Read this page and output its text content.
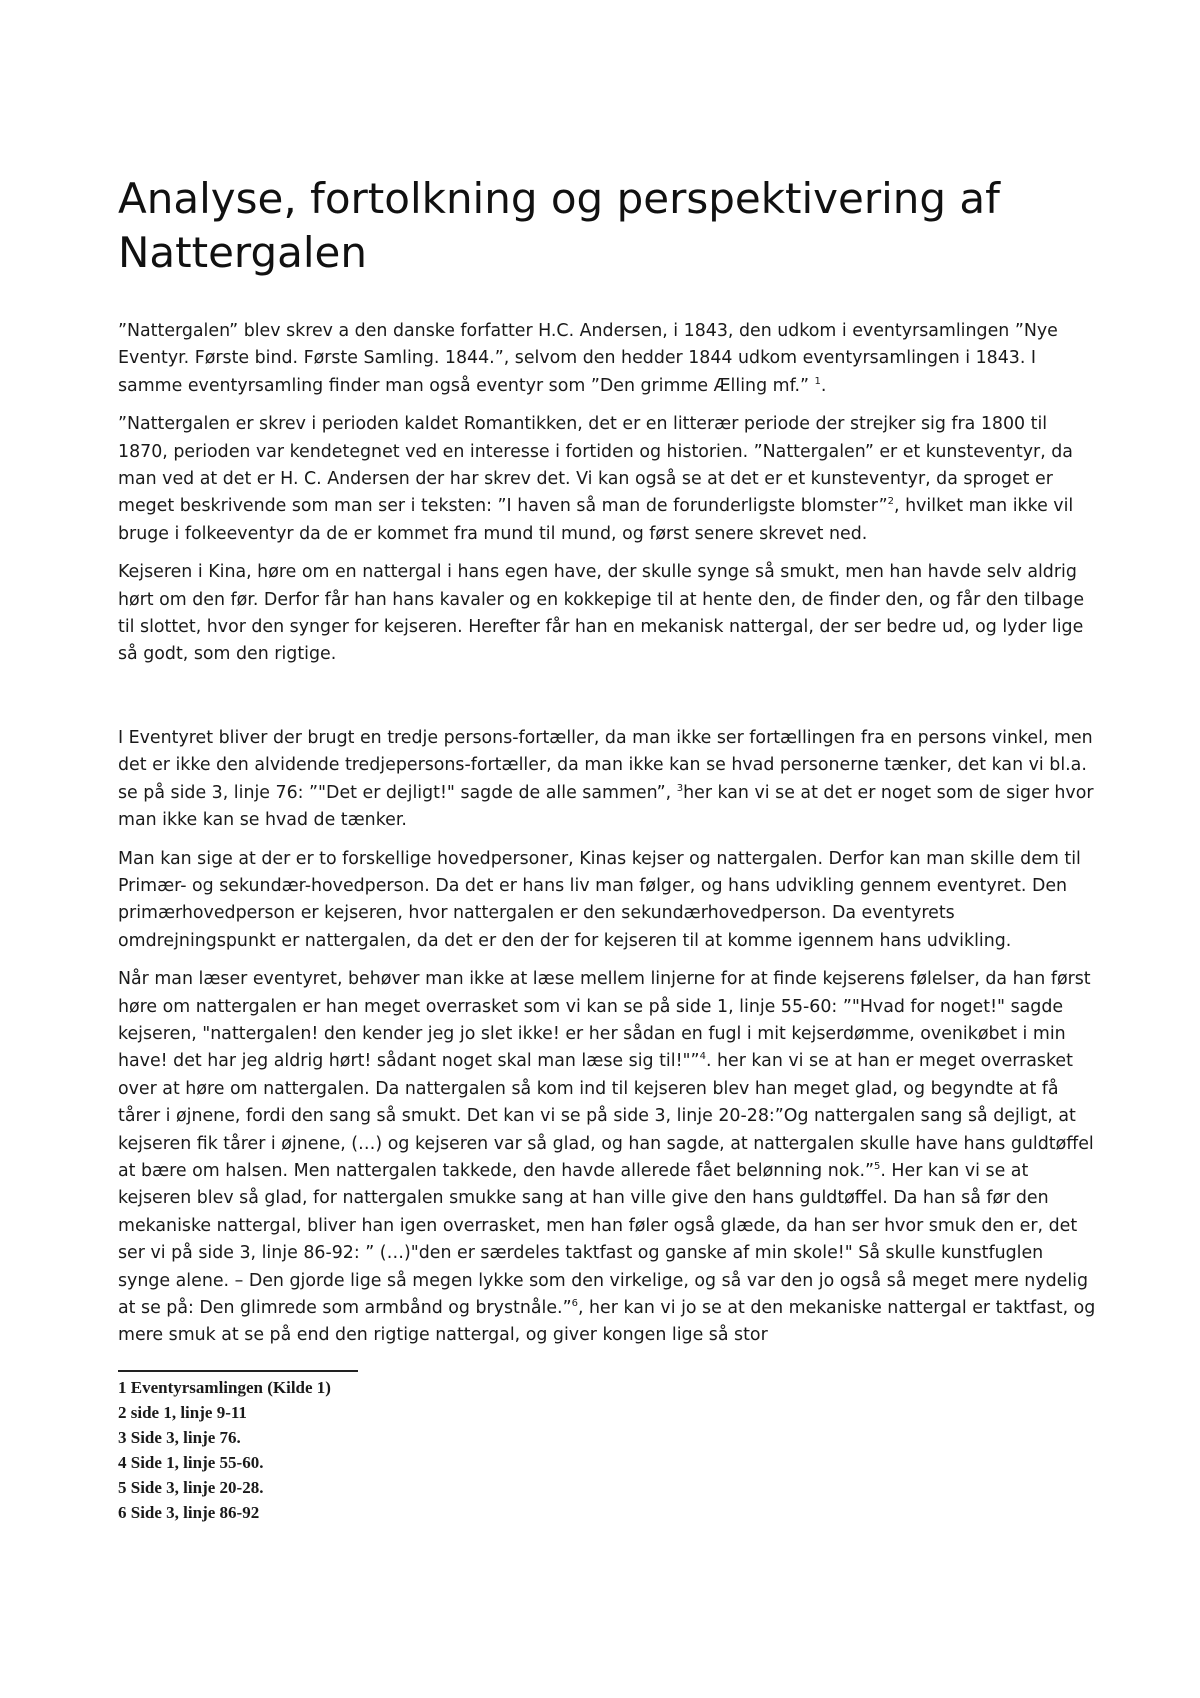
Analyse, fortolkning og perspektivering af Nattergalen

”Nattergalen” blev skrev a den danske forfatter H.C. Andersen, i 1843, den udkom i eventyrsamlingen ”Nye Eventyr. Første bind. Første Samling. 1844.”, selvom den hedder 1844 udkom eventyrsamlingen i 1843. I samme eventyrsamling finder man også eventyr som ”Den grimme Ælling mf.” $^1$.

”Nattergalen er skrev i perioden kaldet Romantikken, det er en litterær periode der strejker sig fra 1800 til 1870, perioden var kendetegnet ved en interesse i fortiden og historien. ”Nattergalen” er et kunsteventyr, da man ved at det er H. C. Andersen der har skrev det. Vi kan også se at det er et kunsteventyr, da sproget er meget beskrivende som man ser i teksten: ”I haven så man de forunderligste blomster”$^2$, hvilket man ikke vil bruge i folkeeventyr da de er kommet fra mund til mund, og først senere skrevet ned.

Kejseren i Kina, høre om en nattergal i hans egen have, der skulle synge så smukt, men han havde selv aldrig hørt om den før. Derfor får han hans kavaler og en kokkepige til at hente den, de finder den, og får den tilbage til slottet, hvor den synger for kejseren. Herefter får han en mekanisk nattergal, der ser bedre ud, og lyder lige så godt, som den rigtige.

I Eventyret bliver der brugt en tredje persons-fortæller, da man ikke ser fortællingen fra en persons vinkel, men det er ikke den alvidende tredjepersons-fortæller, da man ikke kan se hvad personerne tænker, det kan vi bl.a. se på side 3, linje 76: ”"Det er dejligt!" sagde de alle sammen”, $^3$her kan vi se at det er noget som de siger hvor man ikke kan se hvad de tænker.

Man kan sige at der er to forskellige hovedpersoner, Kinas kejser og nattergalen. Derfor kan man skille dem til Primær- og sekundær-hovedperson. Da det er hans liv man følger, og hans udvikling gennem eventyret. Den primærhovedperson er kejseren, hvor nattergalen er den sekundærhovedperson. Da eventyrets omdrejningspunkt er nattergalen, da det er den der for kejseren til at komme igennem hans udvikling.

Når man læser eventyret, behøver man ikke at læse mellem linjerne for at finde kejserens følelser, da han først høre om nattergalen er han meget overrasket som vi kan se på side 1, linje 55-60: ”"Hvad for noget!" sagde kejseren, "nattergalen! den kender jeg jo slet ikke! er her sådan en fugl i mit kejserdømme, ovenikøbet i min have! det har jeg aldrig hørt! sådant noget skal man læse sig til!"”$^4$. her kan vi se at han er meget overrasket over at høre om nattergalen. Da nattergalen så kom ind til kejseren blev han meget glad, og begyndte at få tårer i øjnene, fordi den sang så smukt. Det kan vi se på side 3, linje 20-28:”Og nattergalen sang så dejligt, at kejseren fik tårer i øjnene, (…) og kejseren var så glad, og han sagde, at nattergalen skulle have hans guldtøffel at bære om halsen. Men nattergalen takkede, den havde allerede fået belønning nok.”$^5$. Her kan vi se at kejseren blev så glad, for nattergalen smukke sang at han ville give den hans guldtøffel. Da han så før den mekaniske nattergal, bliver han igen overrasket, men han føler også glæde, da han ser hvor smuk den er, det ser vi på side 3, linje 86-92: ” (…)"den er særdeles taktfast og ganske af min skole!" Så skulle kunstfuglen synge alene. – Den gjorde lige så megen lykke som den virkelige, og så var den jo også så meget mere nydelig at se på: Den glimrede som armbånd og brystnåle.”$^6$, her kan vi jo se at den mekaniske nattergal er taktfast, og mere smuk at se på end den rigtige nattergal, og giver kongen lige så stor

1 Eventyrsamlingen (Kilde 1)
2 side 1, linje 9-11
3 Side 3, linje 76.
4 Side 1, linje 55-60.
5 Side 3, linje 20-28.
6 Side 3, linje 86-92
